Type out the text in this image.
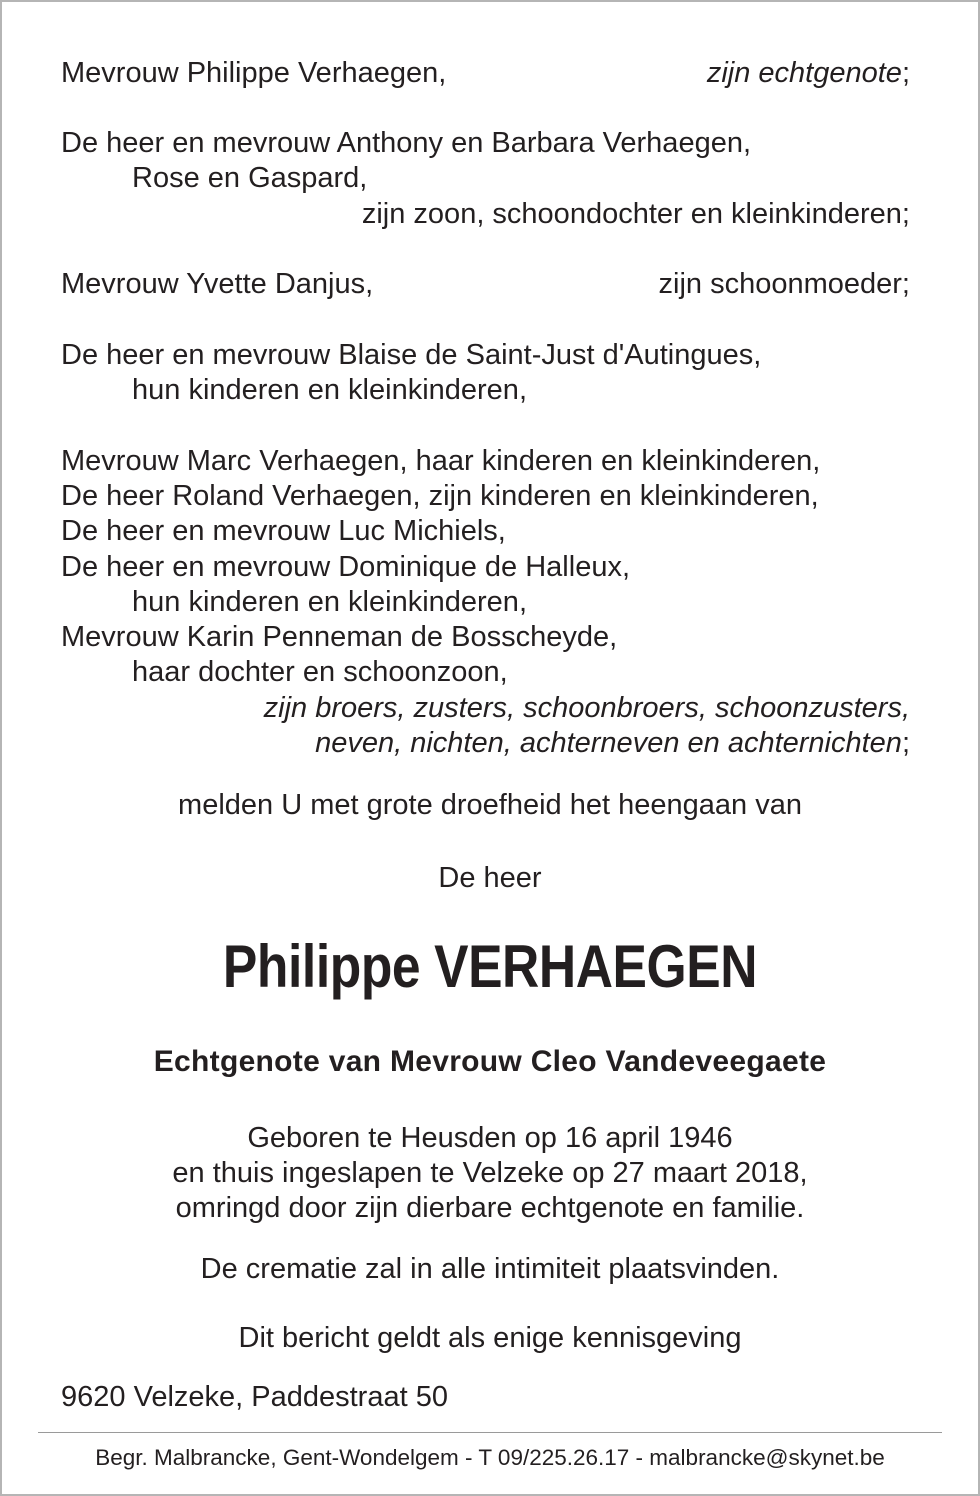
Mevrouw Philippe Verhaegen,	zijn echtgenote;
De heer en mevrouw Anthony en Barbara Verhaegen,
Rose en Gaspard,
zijn zoon, schoondochter en kleinkinderen;
Mevrouw Yvette Danjus,	zijn schoonmoeder;
De heer en mevrouw Blaise de Saint-Just d'Autingues,
hun kinderen en kleinkinderen,
Mevrouw Marc Verhaegen, haar kinderen en kleinkinderen,
De heer Roland Verhaegen, zijn kinderen en kleinkinderen,
De heer en mevrouw Luc Michiels,
De heer en mevrouw Dominique de Halleux,
hun kinderen en kleinkinderen,
Mevrouw Karin Penneman de Bosscheyde,
haar dochter en schoonzoon,
zijn broers, zusters, schoonbroers, schoonzusters,
neven, nichten, achterneven en achternichten;
melden U met grote droefheid het heengaan van
De heer
Philippe VERHAEGEN
Echtgenote van Mevrouw Cleo Vandeveegaete
Geboren te Heusden op 16 april 1946
en thuis ingeslapen te Velzeke op 27 maart 2018,
omringd door zijn dierbare echtgenote en familie.
De crematie zal in alle intimiteit plaatsvinden.
Dit bericht geldt als enige kennisgeving
9620 Velzeke, Paddestraat 50
Begr. Malbrancke, Gent-Wondelgem - T 09/225.26.17 - malbrancke@skynet.be
